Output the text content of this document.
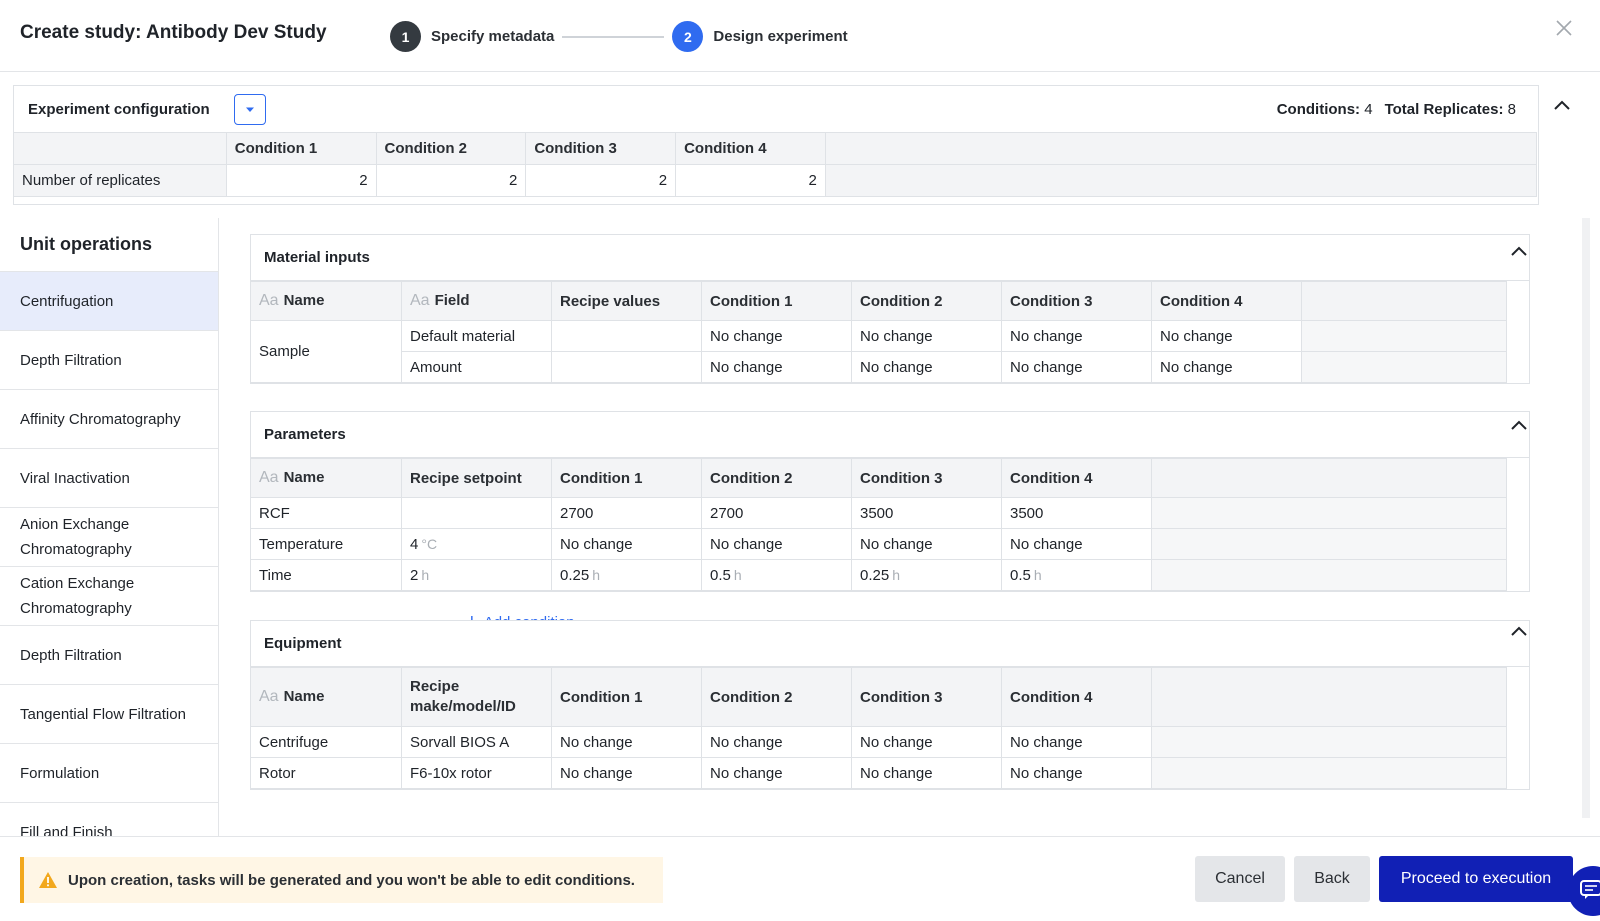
Create study: Antibody Dev Study	1	Specify metadata	2	Design experiment
Experiment configuration	Conditions: 4 Total Replicates: 8
	Condition 1	Condition 2	Condition 3	Condition 4	
Number of replicates	2	2	2	2	
Unit operations
Centrifugation
Depth Filtration
Affinity Chromatography
Viral Inactivation
Anion Exchange Chromatography
Cation Exchange Chromatography
Depth Filtration
Tangential Flow Filtration
Formulation
Fill and Finish
Material inputs
Aa Name	Aa Field	Recipe values	Condition 1	Condition 2	Condition 3	Condition 4	
Sample	Default material		No change	No change	No change	No change	
	Amount		No change	No change	No change	No change	
Parameters
Aa Name	Recipe setpoint	Condition 1	Condition 2	Condition 3	Condition 4	
RCF		2700	2700	3500	3500	
Temperature	4 °C	No change	No change	No change	No change	
Time	2 h	0.25 h	0.5 h	0.25 h	0.5 h	
Equipment
Aa Name	Recipe make/model/ID	Condition 1	Condition 2	Condition 3	Condition 4	
Centrifuge	Sorvall BIOS A	No change	No change	No change	No change	
Rotor	F6-10x rotor	No change	No change	No change	No change	
Upon creation, tasks will be generated and you won't be able to edit conditions.	Cancel	Back	Proceed to execution
